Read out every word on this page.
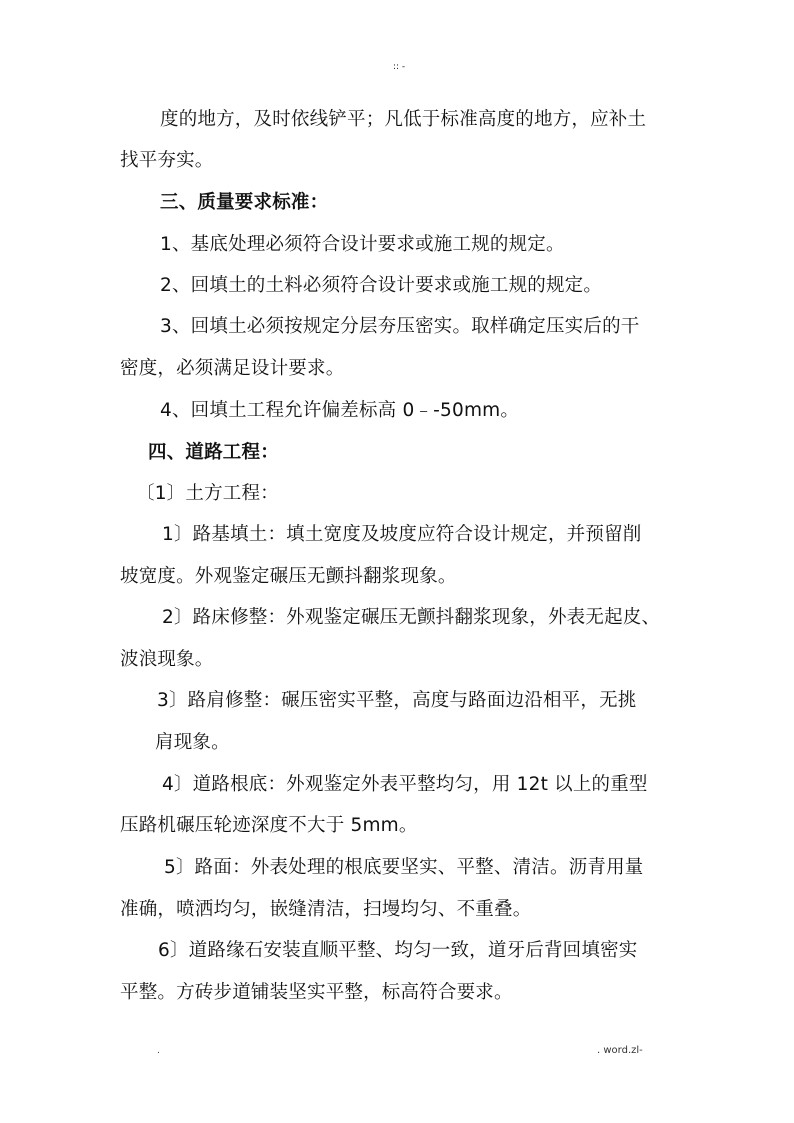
:: -
度的地方，及时依线铲平；凡低于标准高度的地方，应补土
找平夯实。
三、质量要求标准：
1、基底处理必须符合设计要求或施工规的规定。
2、回填土的土料必须符合设计要求或施工规的规定。
3、回填土必须按规定分层夯压密实。取样确定压实后的干
密度，必须满足设计要求。
4、回填土工程允许偏差标高 0﹣-50mm。
四、道路工程：
〔1〕土方工程：
1〕路基填土：填土宽度及坡度应符合设计规定，并预留削
坡宽度。外观鉴定碾压无颤抖翻浆现象。
2〕路床修整：外观鉴定碾压无颤抖翻浆现象，外表无起皮、
波浪现象。
3〕路肩修整：碾压密实平整，高度与路面边沿相平，无挑
肩现象。
4〕道路根底：外观鉴定外表平整均匀，用 12t 以上的重型
压路机碾压轮迹深度不大于 5mm。
5〕路面：外表处理的根底要坚实、平整、清洁。沥青用量
准确，喷洒均匀，嵌缝清洁，扫墁均匀、不重叠。
6〕道路缘石安装直顺平整、均匀一致，道牙后背回填密实
平整。方砖步道铺装坚实平整，标高符合要求。
.	. word.zl-
